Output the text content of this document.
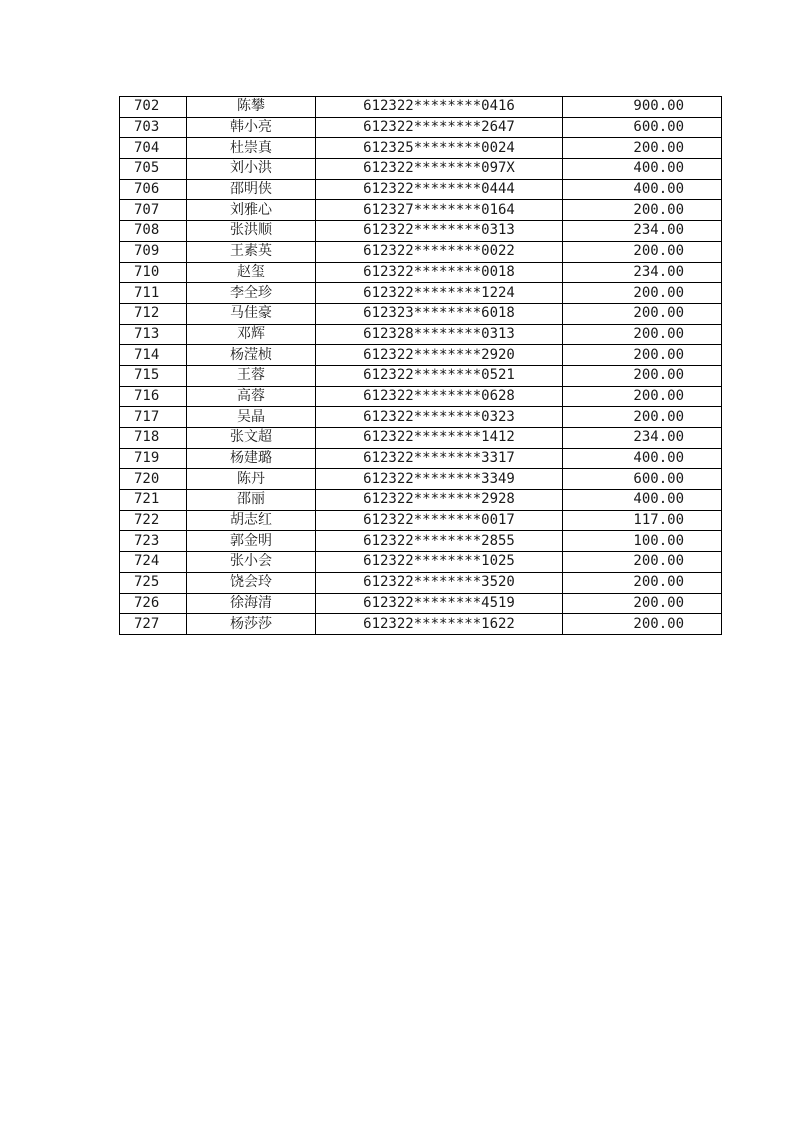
702	陈攀	612322********0416	900.00
703	韩小亮	612322********2647	600.00
704	杜崇真	612325********0024	200.00
705	刘小洪	612322********097X	400.00
706	邵明侠	612322********0444	400.00
707	刘雅心	612327********0164	200.00
708	张洪顺	612322********0313	234.00
709	王素英	612322********0022	200.00
710	赵玺	612322********0018	234.00
711	李全珍	612322********1224	200.00
712	马佳豪	612323********6018	200.00
713	邓辉	612328********0313	200.00
714	杨滢桢	612322********2920	200.00
715	王蓉	612322********0521	200.00
716	高蓉	612322********0628	200.00
717	吴晶	612322********0323	200.00
718	张文超	612322********1412	234.00
719	杨建璐	612322********3317	400.00
720	陈丹	612322********3349	600.00
721	邵丽	612322********2928	400.00
722	胡志红	612322********0017	117.00
723	郭金明	612322********2855	100.00
724	张小会	612322********1025	200.00
725	饶会玲	612322********3520	200.00
726	徐海清	612322********4519	200.00
727	杨莎莎	612322********1622	200.00
